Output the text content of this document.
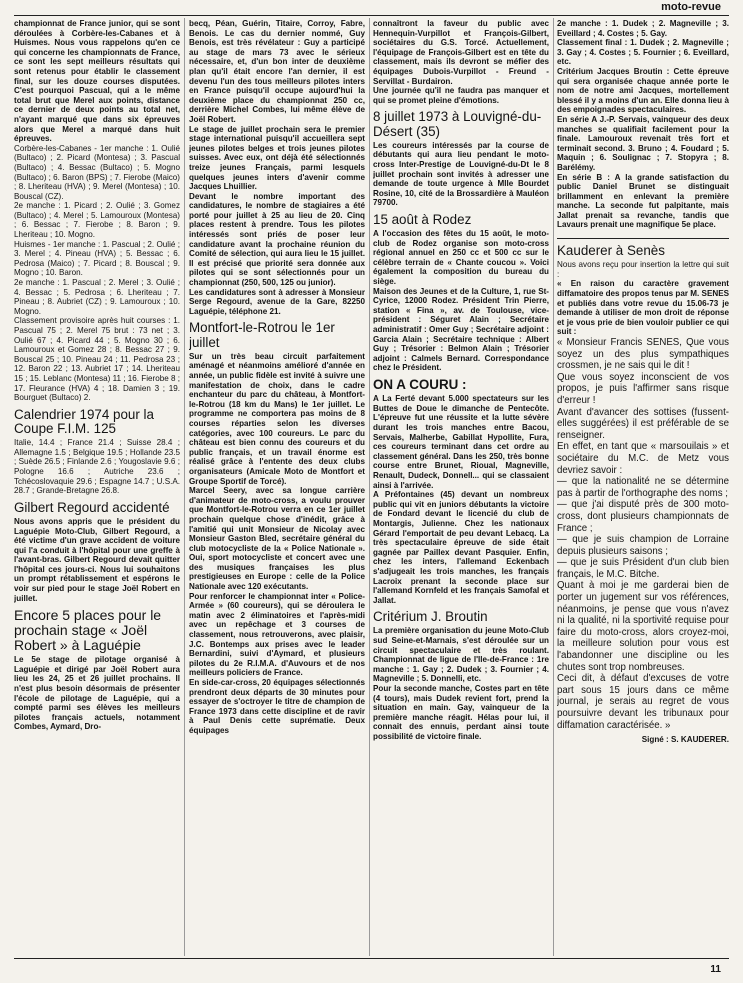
moto-revue

championnat de France junior, qui se sont déroulées à Corbère-les-Cabanes et à Huismes. Nous vous rappelons qu'en ce qui concerne les championnats de France, ce sont les sept meilleurs résultats qui sont retenus pour établir le classement final, sur les douze courses disputées. C'est pourquoi Pascual, qui a le même total brut que Merel aux points, distance ce dernier de deux points au total net, n'ayant marqué que dans six épreuves alors que Merel a marqué dans huit épreuves.

Corbère-les-Cabanes - 1er manche : 1. Oulié (Bultaco) ; 2. Picard (Montesa) ; 3. Pascual (Bultaco) ; 4. Bessac (Bultaco) ; 5. Mogno (Bultaco) ; 6. Baron (BPS) ; 7. Fierobe (Maico) ; 8. Lheriteau (HVA) ; 9. Merel (Montesa) ; 10. Bouscal (CZ).

2e manche : 1. Picard ; 2. Oulié ; 3. Gomez (Bultaco) ; 4. Merel ; 5. Lamouroux (Montesa) ; 6. Bessac ; 7. Fierobe ; 8. Baron ; 9. Lheriteau ; 10. Mogno.

Huismes - 1er manche : 1. Pascual ; 2. Oulié ; 3. Merel ; 4. Pineau (HVA) ; 5. Bessac ; 6. Pedrosa (Maico) ; 7. Picard ; 8. Bouscal ; 9. Mogno ; 10. Baron.

2e manche : 1. Pascual ; 2. Merel ; 3. Oulié ; 4. Bessac ; 5. Pedrosa ; 6. Lheriteau ; 7. Pineau ; 8. Aubriet (CZ) ; 9. Lamouroux ; 10. Mogno.

Classement provisoire après huit courses : 1. Pascual 75 ; 2. Merel 75 brut : 73 net ; 3. Oulié 67 ; 4. Picard 44 ; 5. Mogno 30 ; 6. Lamouroux et Gomez 28 ; 8. Bessac 27 ; 9. Bouscal 25 ; 10. Pineau 24 ; 11. Pedrosa 23 ; 12. Baron 22 ; 13. Aubriet 17 ; 14. Lheriteau 15 ; 15. Leblanc (Montesa) 11 ; 16. Fierobe 8 ; 17. Fleurance (HVA) 4 ; 18. Damien 3 ; 19. Bourguet (Bultaco) 2.

Calendrier 1974 pour la Coupe F.I.M. 125

Italie, 14.4 ; France 21.4 ; Suisse 28.4 ; Allemagne 1.5 ; Belgique 19.5 ; Hollande 23.5 ; Suède 26.5 ; Finlande 2.6 ; Yougoslavie 9.6 ; Pologne 16.6 ; Autriche 23.6 ; Tchécoslovaquie 29.6 ; Espagne 14.7 ; U.S.A. 28.7 ; Grande-Bretagne 26.8.

Gilbert Regourd accidenté

Nous avons appris que le président du Laguépie Moto-Club, Gilbert Regourd, a été victime d'un grave accident de voiture qui l'a conduit à l'hôpital pour une greffe à l'avant-bras. Gilbert Regourd devait quitter l'hôpital ces jours-ci. Nous lui souhaitons un prompt rétablissement et espérons le voir sur pied pour le stage Joël Robert en juillet.

Encore 5 places pour le prochain stage « Joël Robert » à Laguépie

Le 5e stage de pilotage organisé à Laguépie et dirigé par Joël Robert aura lieu les 24, 25 et 26 juillet prochains. Il n'est plus besoin désormais de présenter l'école de pilotage de Laguépie, qui a compté parmi ses élèves les meilleurs pilotes français actuels, notamment Combes, Aymard, Dro-

becq, Péan, Guérin, Titaire, Corroy, Fabre, Benois. Le cas du dernier nommé, Guy Benois, est très révélateur : Guy a participé au stage de mars 73 avec le sérieux nécessaire, et, d'un bon inter de deuxième plan qu'il était encore l'an dernier, il est devenu l'un des tous meilleurs pilotes inters en France puisqu'il occupe aujourd'hui la deuxième place du championnat 250 cc, derrière Michel Combes, lui même élève de Joël Robert.

Le stage de juillet prochain sera le premier stage international puisqu'il accueillera sept jeunes pilotes belges et trois jeunes pilotes suisses. Avec eux, ont déjà été sélectionnés treize jeunes Français, parmi lesquels quelques jeunes inters d'avenir comme Jacques Lhuillier.

Devant le nombre important des candidatures, le nombre de stagiaires a été porté pour juillet à 25 au lieu de 20. Cinq places restent à prendre. Tous les pilotes intéressés sont priés de poser leur candidature avant la prochaine réunion du Comité de sélection, qui aura lieu le 15 juillet. Il est précisé que priorité sera donnée aux pilotes qui se sont sélectionnés pour un championnat (250, 500, 125 ou junior).

Les candidatures sont à adresser à Monsieur Serge Regourd, avenue de la Gare, 82250 Laguépie, téléphone 21.

Montfort-le-Rotrou le 1er juillet

Sur un très beau circuit parfaitement aménagé et néanmoins amélioré d'année en année, un public fidèle est invité à suivre une manifestation de choix, dans le cadre enchanteur du parc du château, à Montfort-le-Rotrou (18 km du Mans) le 1er juillet. Le programme ne comportera pas moins de 8 courses réparties selon les diverses catégories, avec 100 coureurs. Le parc du château est bien connu des coureurs et du public français, et un travail énorme est réalisé grâce à l'entente des deux clubs organisateurs (Amicale Moto de Montfort et Groupe Sportif de Torcé).

Marcel Seery, avec sa longue carrière d'animateur de moto-cross, a voulu prouver que Montfort-le-Rotrou verra en ce 1er juillet prochain quelque chose d'inédit, grâce à l'amitié qui unit Monsieur de Nicolay avec Monsieur Gaston Bled, secrétaire général du club motocycliste de la « Police Nationale ». Oui, sport motocycliste et concert avec une des musiques françaises les plus prestigieuses en Europe : celle de la Police Nationale avec 120 exécutants.

Pour renforcer le championnat inter « Police-Armée » (60 coureurs), qui se déroulera le matin avec 2 éliminatoires et l'après-midi avec un repêchage et 3 courses de classement, nous retrouverons, avec plaisir, J.C. Bontemps aux prises avec le leader Bernardini, suivi d'Aymard, et plusieurs pilotes du 2e R.I.M.A. d'Auvours et de nos meilleurs policiers de France.

En side-car-cross, 20 équipages sélectionnés prendront deux départs de 30 minutes pour essayer de s'octroyer le titre de champion de France 1973 dans cette discipline et de ravir à Paul Denis cette suprématie. Deux équipages

connaîtront la faveur du public avec Hennequin-Vurpillot et François-Gilbert, sociétaires du G.S. Torcé. Actuellement, l'équipage de François-Gilbert est en tête du classement, mais ils devront se méfier des équipages Dubois-Vurpillot - Freund - Servillat - Burdairon.

Une journée qu'il ne faudra pas manquer et qui se promet pleine d'émotions.

8 juillet 1973 à Louvigné-du-Désert (35)

Les coureurs intéressés par la course de débutants qui aura lieu pendant le moto-cross Inter-Prestige de Louvigné-du-Dt le 8 juillet prochain sont invités à adresser une demande de toute urgence à Mlle Bourdet Rosine, 10, cité de la Brossardière à Mauléon 79700.

15 août à Rodez

A l'occasion des fêtes du 15 août, le moto-club de Rodez organise son moto-cross régional annuel en 250 cc et 500 cc sur le célèbre terrain de « Chante coucou ». Voici également la composition du bureau du siège.

Maison des Jeunes et de la Culture, 1, rue St-Cyrice, 12000 Rodez. Président Trin Pierre, station « Fina », av. de Toulouse, vice-président : Séguret Alain ; Secrétaire administratif : Omer Guy ; Secrétaire adjoint : Garcia Alain ; Secrétaire technique : Albert Guy ; Trésorier : Belmon Alain ; Trésorier adjoint : Calmels Bernard. Correspondance chez le Président.

ON A COURU :

A La Ferté devant 5.000 spectateurs sur les Buttes de Doue le dimanche de Pentecôte. L'épreuve fut une réussite et la lutte sévère durant les trois manches entre Bacou, Servais, Malherbe, Gabillat Hypollite, Fura, ces coureurs terminant dans cet ordre au classement général. Dans les 250, très bonne course entre Brunet, Rioual, Magneville, Renault, Dudeck, Donnell... qui se classaient ainsi à l'arrivée.

A Préfontaines (45) devant un nombreux public qui vit en juniors débutants la victoire de Fondard devant le licencié du club de Montargis, Julienne. Chez les nationaux Gérard l'emportait de peu devant Lebacq. La très spectaculaire épreuve de side était gagnée par Paillex devant Pasquier. Enfin, chez les inters, l'allemand Eckenbach s'adjugeait les trois manches, les français Lacroix prenant la seconde place sur l'allemand Kornfeld et les français Samofal et Jallat.

Critérium J. Broutin

La première organisation du jeune Moto-Club sud Seine-et-Marnais, s'est déroulée sur un circuit spectaculaire et très roulant. Championnat de ligue de l'Ile-de-France : 1re manche : 1. Gay ; 2. Dudek ; 3. Fournier ; 4. Magneville ; 5. Donnelli, etc.

Pour la seconde manche, Costes part en tête (4 tours), mais Dudek revient fort, prend la situation en main. Gay, vainqueur de la première manche réagit. Hélas pour lui, il connait des ennuis, perdant ainsi toute possibilité de victoire finale.

2e manche : 1. Dudek ; 2. Magneville ; 3. Eveillard ; 4. Costes ; 5. Gay.

Classement final : 1. Dudek ; 2. Magneville ; 3. Gay ; 4. Costes ; 5. Fournier ; 6. Eveillard, etc.

Critérium Jacques Broutin : Cette épreuve qui sera organisée chaque année porte le nom de notre ami Jacques, mortellement blessé il y a moins d'un an. Elle donna lieu à des empoignades spectaculaires.

En série A J.-P. Servais, vainqueur des deux manches se qualifiait facilement pour la finale. Lamouroux revenait très fort et terminait second. 3. Bruno ; 4. Foudard ; 5. Maquin ; 6. Soulignac ; 7. Stopyra ; 8. Barélémy.

En série B : A la grande satisfaction du public Daniel Brunet se distinguait brillamment en enlevant la première manche. La seconde fut palpitante, mais Jallat prenait sa revanche, tandis que Lavaurs prenait une magnifique 5e place.

Kauderer à Senès

Nous avons reçu pour insertion la lettre qui suit :

« En raison du caractère gravement diffamatoire des propos tenus par M. SENES et publiés dans votre revue du 15.06-73 je demande à utiliser de mon droit de réponse et je vous prie de bien vouloir publier ce qui suit :

« Monsieur Francis SENES, Que vous soyez un des plus sympathiques crossmen, je ne sais qui le dit !

Que vous soyez inconscient de vos propos, je puis l'affirmer sans risque d'erreur !

Avant d'avancer des sottises (fussent-elles suggérées) il est préférable de se renseigner.

En effet, en tant que « marsouilais » et sociétaire du M.C. de Metz vous devriez savoir :

— que la nationalité ne se détermine pas à partir de l'orthographe des noms ;

— que j'ai disputé près de 300 moto-cross, dont plusieurs championnats de France ;

— que je suis champion de Lorraine depuis plusieurs saisons ;

— que je suis Président d'un club bien français, le M.C. Bitche.

Quant à moi je me garderai bien de porter un jugement sur vos références, néanmoins, je pense que vous n'avez ni la qualité, ni la sportivité requise pour faire du moto-cross, alors croyez-moi, la meilleure solution pour vous est l'abandonner une discipline ou les chutes sont trop nombreuses.

Ceci dit, à défaut d'excuses de votre part sous 15 jours dans ce même journal, je serais au regret de vous poursuivre devant les tribunaux pour diffamation caractérisée. »

Signé : S. KAUDERER.

11
